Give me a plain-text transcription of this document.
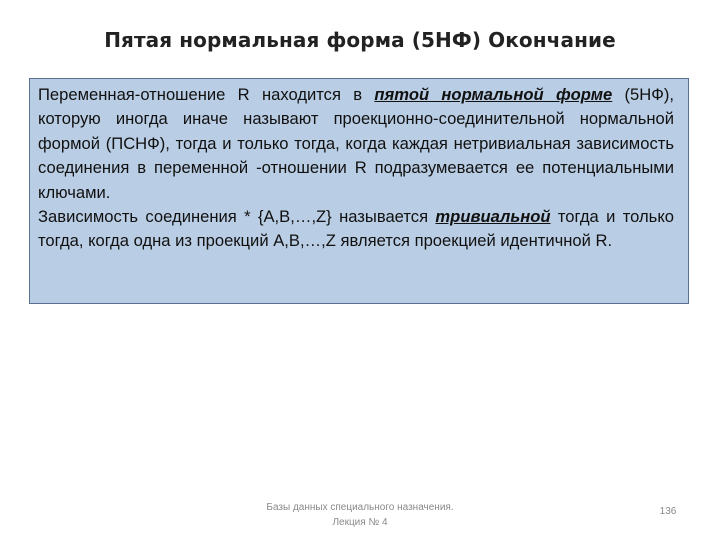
Пятая нормальная форма (5НФ) Окончание

Переменная-отношение R находится в пятой нормальной форме (5НФ), которую иногда иначе называют проекционно-соединительной нормальной формой (ПСНФ), тогда и только тогда, когда каждая нетривиальная зависимость соединения в переменной -отношении R подразумевается ее потенциальными ключами.

Зависимость соединения * {A,B,…,Z} называется тривиальной тогда и только тогда, когда одна из проекций A,B,…,Z является проекцией идентичной R.

Базы данных специального назначения.
Лекция № 4
136
